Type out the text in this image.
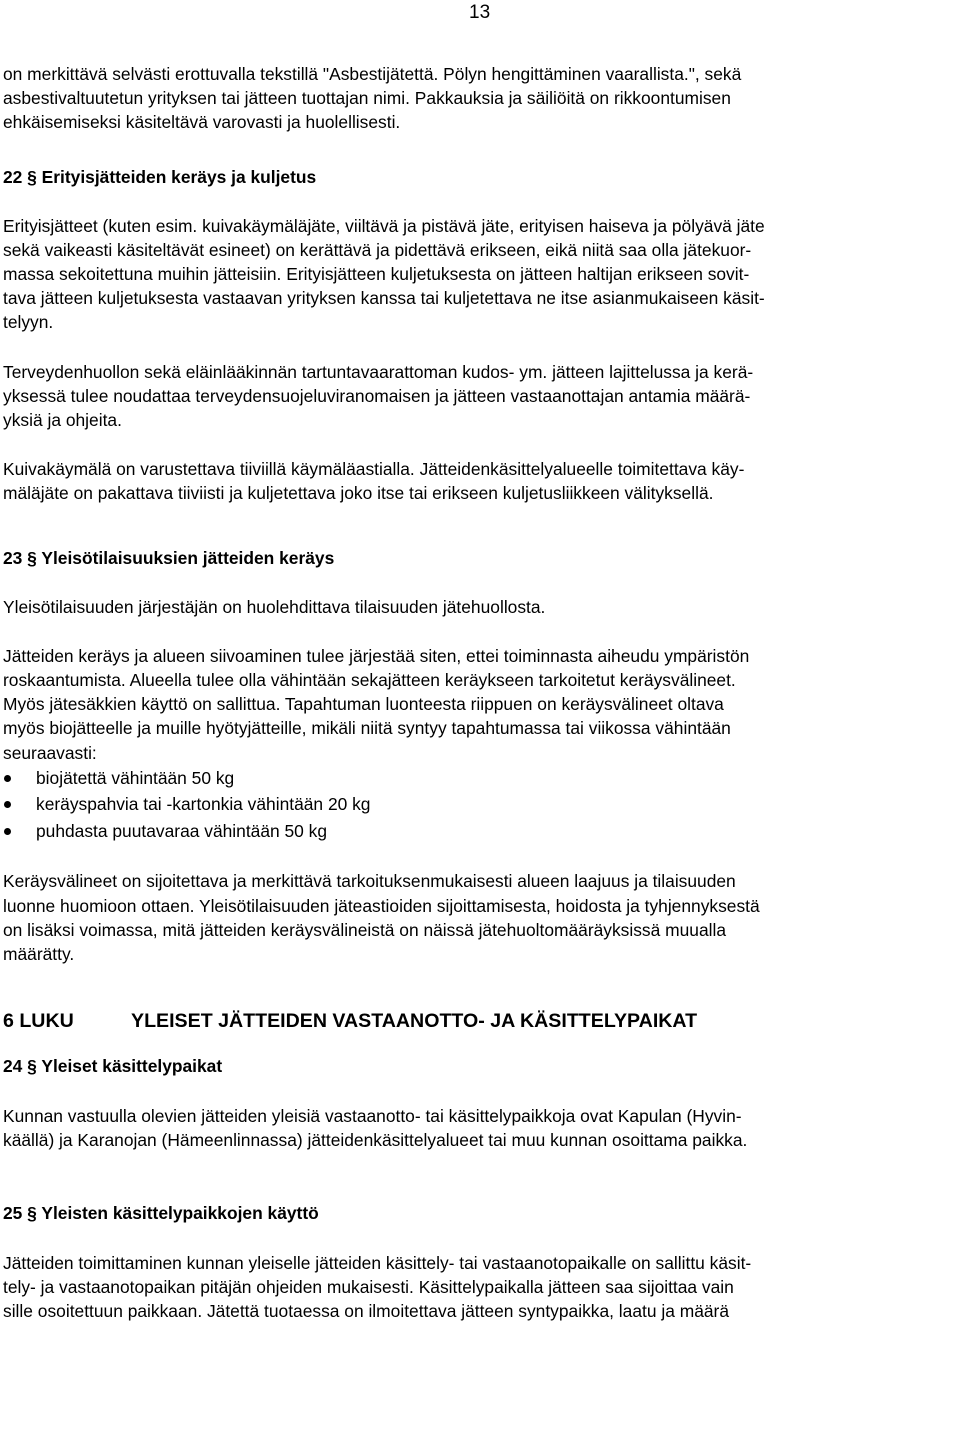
13

on merkittävä selvästi erottuvalla tekstillä "Asbestijätettä. Pölyn hengittäminen vaarallista.", sekä
asbestivaltuutetun yrityksen tai jätteen tuottajan nimi. Pakkauksia ja säiliöitä on rikkoontumisen
ehkäisemiseksi käsiteltävä varovasti ja huolellisesti.

22 § Erityisjätteiden keräys ja kuljetus

Erityisjätteet (kuten esim. kuivakäymäläjäte, viiltävä ja pistävä jäte, erityisen haiseva ja pölyävä jäte
sekä vaikeasti käsiteltävät esineet) on kerättävä ja pidettävä erikseen, eikä niitä saa olla jätekuor-
massa sekoitettuna muihin jätteisiin. Erityisjätteen kuljetuksesta on jätteen haltijan erikseen sovit-
tava jätteen kuljetuksesta vastaavan yrityksen kanssa tai kuljetettava ne itse asianmukaiseen käsit-
telyyn.

Terveydenhuollon sekä eläinlääkinnän tartuntavaarattoman kudos- ym. jätteen lajittelussa ja kerä-
yksessä tulee noudattaa terveydensuojeluviranomaisen ja jätteen vastaanottajan antamia määrä-
yksiä ja ohjeita.

Kuivakäymälä on varustettava tiiviillä käymäläastialla. Jätteidenkäsittelyalueelle toimitettava käy-
mäläjäte on pakattava tiiviisti ja kuljetettava joko itse tai erikseen kuljetusliikkeen välityksellä.

23 § Yleisötilaisuuksien jätteiden keräys

Yleisötilaisuuden järjestäjän on huolehdittava tilaisuuden jätehuollosta.

Jätteiden keräys ja alueen siivoaminen tulee järjestää siten, ettei toiminnasta aiheudu ympäristön
roskaantumista. Alueella tulee olla vähintään sekajätteen keräykseen tarkoitetut keräysvälineet.
Myös jätesäkkien käyttö on sallittua. Tapahtuman luonteesta riippuen on keräysvälineet oltava
myös biojätteelle ja muille hyötyjätteille, mikäli niitä syntyy tapahtumassa tai viikossa vähintään
seuraavasti:

biojätettä vähintään 50 kg
keräyspahvia tai -kartonkia vähintään 20 kg
puhdasta puutavaraa vähintään 50 kg

Keräysvälineet on sijoitettava ja merkittävä tarkoituksenmukaisesti alueen laajuus ja tilaisuuden
luonne huomioon ottaen. Yleisötilaisuuden jäteastioiden sijoittamisesta, hoidosta ja tyhjennyksestä
on lisäksi voimassa, mitä jätteiden keräysvälineistä on näissä jätehuoltomääräyksissä muualla
määrätty.

6 LUKU	YLEISET JÄTTEIDEN VASTAANOTTO- JA KÄSITTELYPAIKAT
24 § Yleiset käsittelypaikat

Kunnan vastuulla olevien jätteiden yleisiä vastaanotto- tai käsittelypaikkoja ovat Kapulan (Hyvin-
käällä) ja Karanojan (Hämeenlinnassa) jätteidenkäsittelyalueet tai muu kunnan osoittama paikka.

25 § Yleisten käsittelypaikkojen käyttö

Jätteiden toimittaminen kunnan yleiselle jätteiden käsittely- tai vastaanotopaikalle on sallittu käsit-
tely- ja vastaanotopaikan pitäjän ohjeiden mukaisesti. Käsittelypaikalla jätteen saa sijoittaa vain
sille osoitettuun paikkaan. Jätettä tuotaessa on ilmoitettava jätteen syntypaikka, laatu ja määrä
